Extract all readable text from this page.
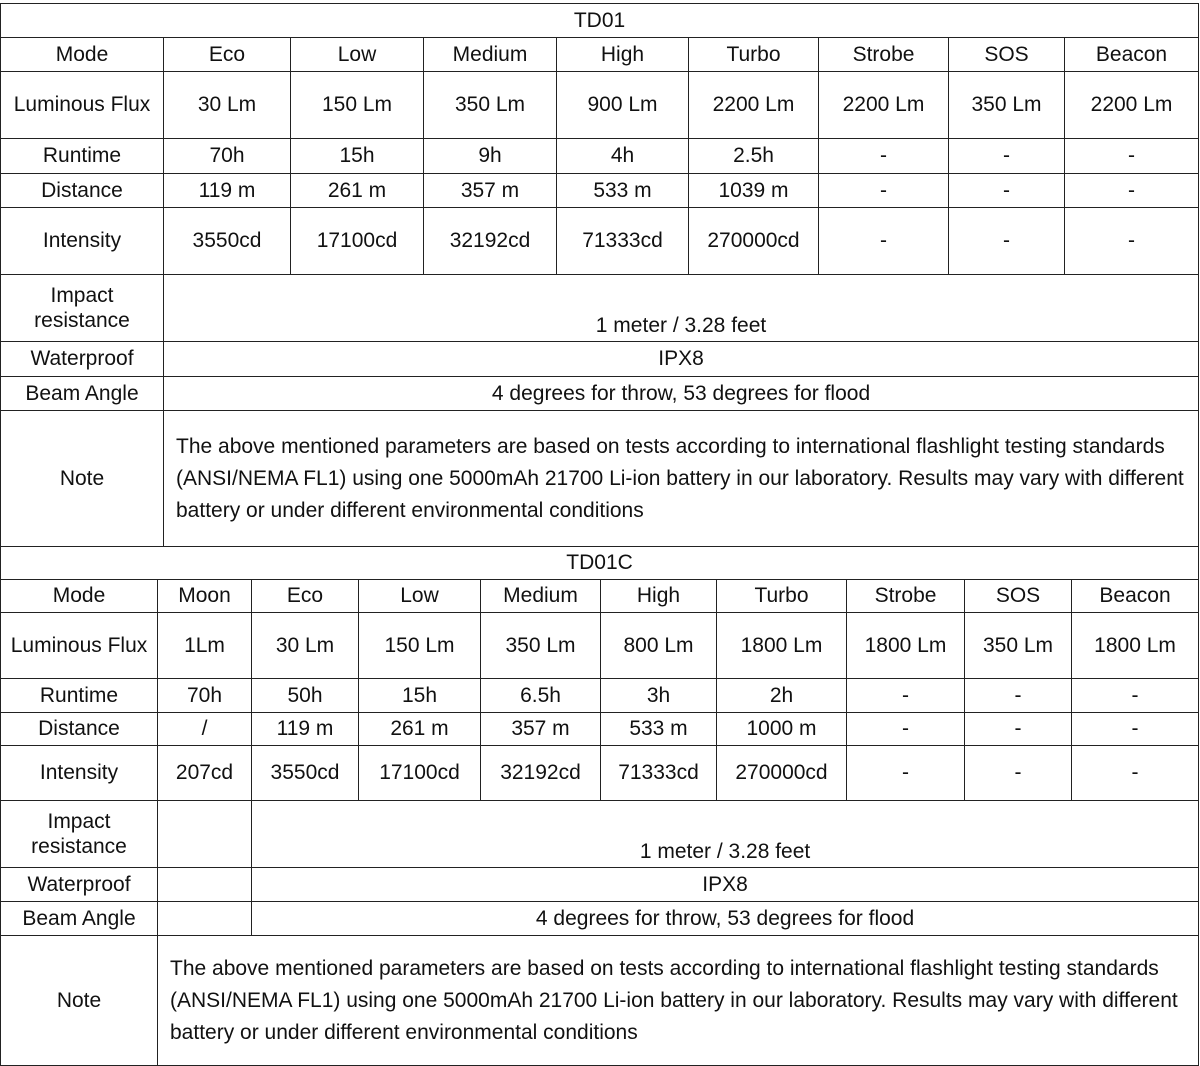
TD01								
Mode	Eco	Low	Medium	High	Turbo	Strobe	SOS	Beacon
Luminous Flux	30 Lm	150 Lm	350 Lm	900 Lm	2200 Lm	2200 Lm	350 Lm	2200 Lm
Runtime	70h	15h	9h	4h	2.5h	-	-	-
Distance	119 m	261 m	357 m	533 m	1039 m	-	-	-
Intensity	3550cd	17100cd	32192cd	71333cd	270000cd	-	-	-
Impact resistance	1 meter / 3.28 feet							
Waterproof	IPX8							
Beam Angle	4 degrees for throw, 53 degrees for flood							
Note	The above mentioned parameters are based on tests according to international flashlight testing standards (ANSI/NEMA FL1) using one 5000mAh 21700 Li-ion battery in our laboratory. Results may vary with different battery or under different environmental conditions							
TD01C									
Mode	Moon	Eco	Low	Medium	High	Turbo	Strobe	SOS	Beacon
Luminous Flux	1Lm	30 Lm	150 Lm	350 Lm	800 Lm	1800 Lm	1800 Lm	350 Lm	1800 Lm
Runtime	70h	50h	15h	6.5h	3h	2h	-	-	-
Distance	/	119 m	261 m	357 m	533 m	1000 m	-	-	-
Intensity	207cd	3550cd	17100cd	32192cd	71333cd	270000cd	-	-	-
Impact resistance		1 meter / 3.28 feet							
Waterproof		IPX8							
Beam Angle		4 degrees for throw, 53 degrees for flood							
Note	The above mentioned parameters are based on tests according to international flashlight testing standards (ANSI/NEMA FL1) using one 5000mAh 21700 Li-ion battery in our laboratory. Results may vary with different battery or under different environmental conditions								
